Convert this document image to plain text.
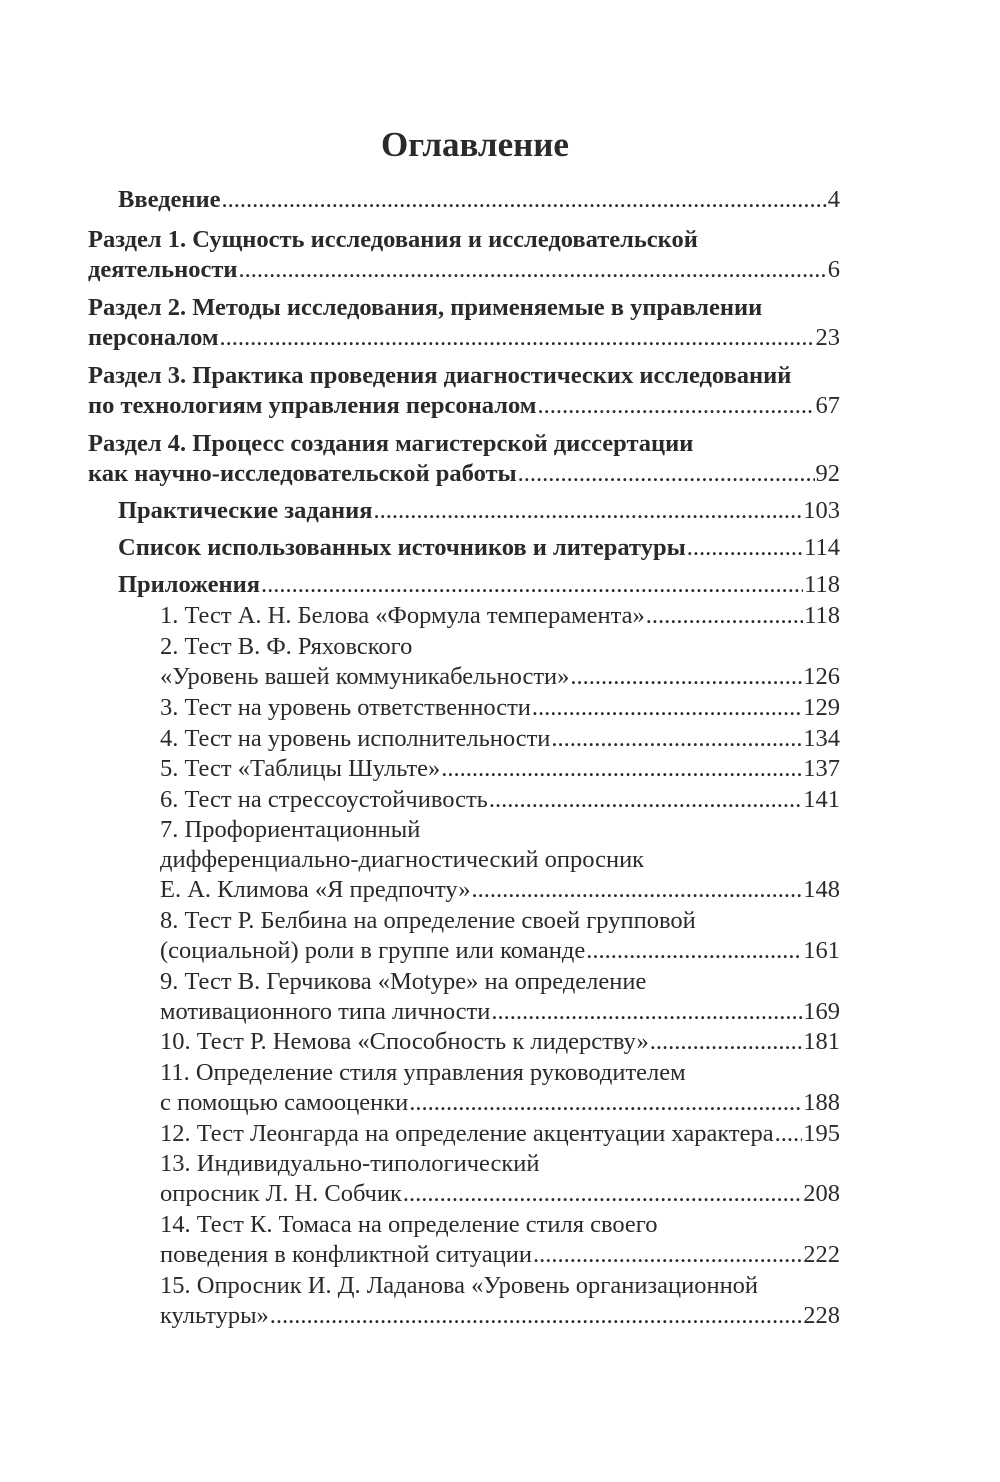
Оглавление
Введение .....	4
Раздел 1. Сущность исследования и исследовательской
деятельности .....	6
Раздел 2. Методы исследования, применяемые в управлении
персоналом .....	23
Раздел 3. Практика проведения диагностических исследований
по технологиям управления персоналом .....	67
Раздел 4. Процесс создания магистерской диссертации
как научно-исследовательской работы .....	92
Практические задания .....	103
Список использованных источников и литературы .....	114
Приложения .....	118
1. Тест А. Н. Белова «Формула темперамента» .....	118
2. Тест В. Ф. Ряховского
«Уровень вашей коммуникабельности» .....	126
3. Тест на уровень ответственности .....	129
4. Тест на уровень исполнительности .....	134
5. Тест «Таблицы Шульте» .....	137
6. Тест на стрессоустойчивость .....	141
7. Профориентационный
дифференциально-диагностический опросник
Е. А. Климова «Я предпочту» .....	148
8. Тест Р. Белбина на определение своей групповой
(социальной) роли в группе или команде .....	161
9. Тест В. Герчикова «Motype» на определение
мотивационного типа личности .....	169
10. Тест Р. Немова «Способность к лидерству» .....	181
11. Определение стиля управления руководителем
с помощью самооценки .....	188
12. Тест Леонгарда на определение акцентуации характера ..... 195
13. Индивидуально-типологический
опросник Л. Н. Собчик .....	208
14. Тест К. Томаса на определение стиля своего
поведения в конфликтной ситуации .....	222
15. Опросник И. Д. Ладанова «Уровень организационной
культуры» .....	228
